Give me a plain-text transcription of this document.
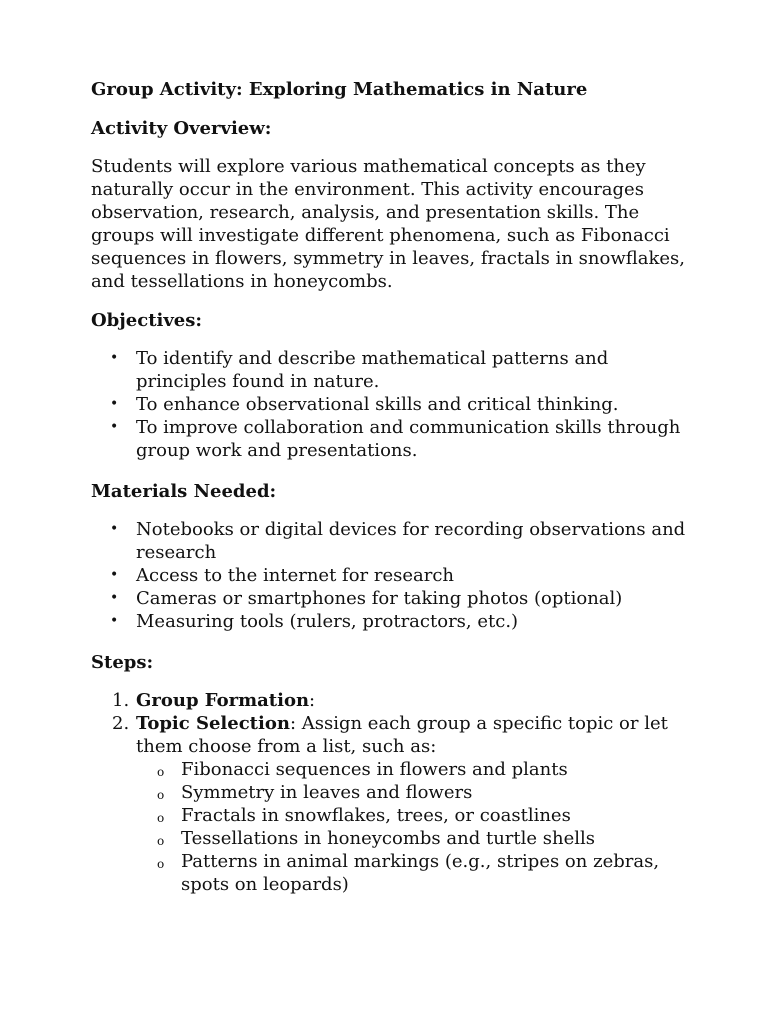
Group Activity: Exploring Mathematics in Nature
Activity Overview:

Students will explore various mathematical concepts as they naturally occur in the environment. This activity encourages observation, research, analysis, and presentation skills. The groups will investigate different phenomena, such as Fibonacci sequences in flowers, symmetry in leaves, fractals in snowflakes, and tessellations in honeycombs.

Objectives:
• To identify and describe mathematical patterns and principles found in nature.
• To enhance observational skills and critical thinking.
• To improve collaboration and communication skills through group work and presentations.
Materials Needed:
• Notebooks or digital devices for recording observations and research
• Access to the internet for research
• Cameras or smartphones for taking photos (optional)
• Measuring tools (rulers, protractors, etc.)
Steps:
1. Group Formation:
2. Topic Selection: Assign each group a specific topic or let them choose from a list, such as:
o Fibonacci sequences in flowers and plants
o Symmetry in leaves and flowers
o Fractals in snowflakes, trees, or coastlines
o Tessellations in honeycombs and turtle shells
o Patterns in animal markings (e.g., stripes on zebras, spots on leopards)
